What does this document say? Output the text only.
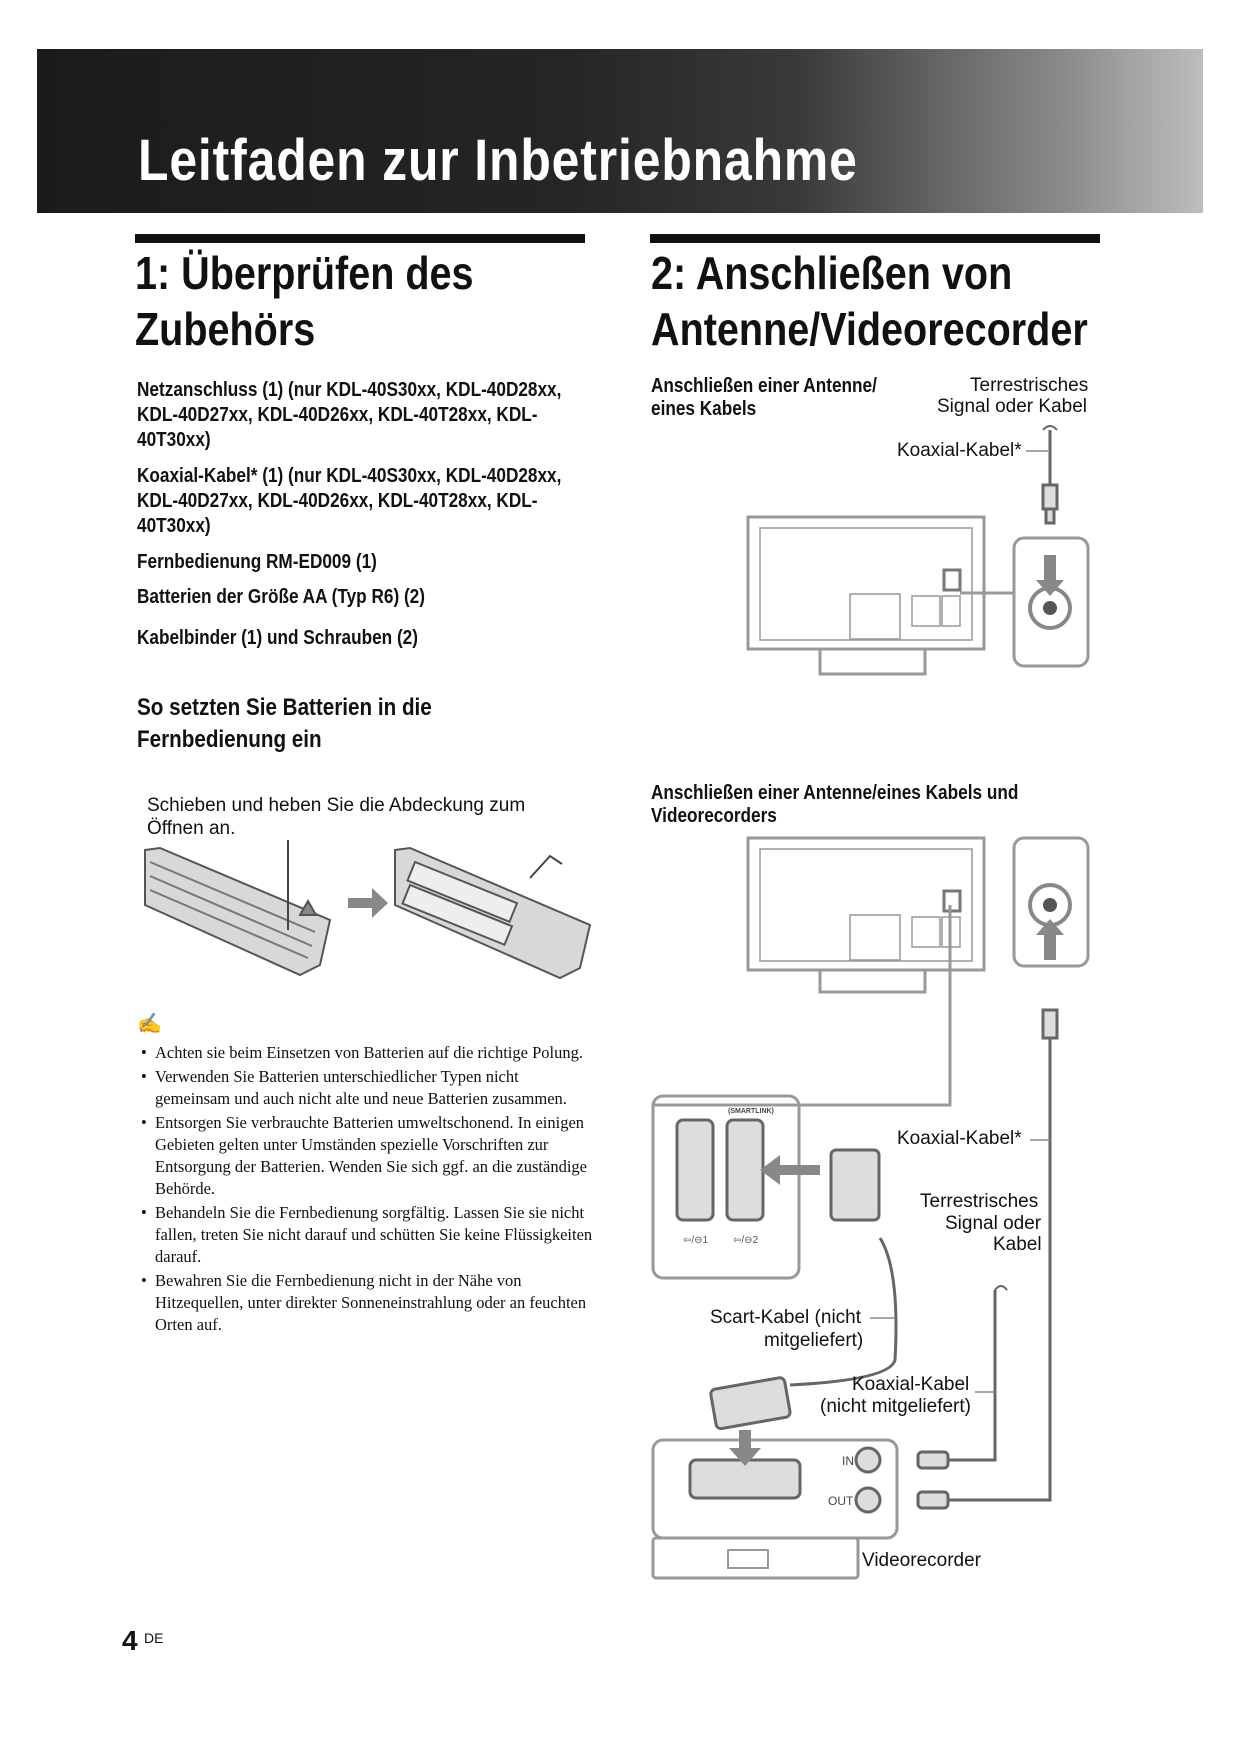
Leitfaden zur Inbetriebnahme
1: Überprüfen des
Zubehörs
Netzanschluss (1) (nur KDL-40S30xx, KDL-40D28xx,
KDL-40D27xx, KDL-40D26xx, KDL-40T28xx, KDL-
40T30xx)
Koaxial-Kabel* (1) (nur KDL-40S30xx, KDL-40D28xx,
KDL-40D27xx, KDL-40D26xx, KDL-40T28xx, KDL-
40T30xx)
Fernbedienung RM-ED009 (1)
Batterien der Größe AA (Typ R6) (2)
Kabelbinder (1) und Schrauben (2)
So setzten Sie Batterien in die
Fernbedienung ein
Schieben und heben Sie die Abdeckung zum
Öffnen an.
✍
• Achten sie beim Einsetzen von Batterien auf die richtige Polung.
• Verwenden Sie Batterien unterschiedlicher Typen nicht gemeinsam und auch nicht alte und neue Batterien zusammen.
• Entsorgen Sie verbrauchte Batterien umweltschonend. In einigen Gebieten gelten unter Umständen spezielle Vorschriften zur Entsorgung der Batterien. Wenden Sie sich ggf. an die zuständige Behörde.
• Behandeln Sie die Fernbedienung sorgfältig. Lassen Sie sie nicht fallen, treten Sie nicht darauf und schütten Sie keine Flüssigkeiten darauf.
• Bewahren Sie die Fernbedienung nicht in der Nähe von Hitzequellen, unter direkter Sonneneinstrahlung oder an feuchten Orten auf.
2: Anschließen von
Antenne/Videorecorder
Anschließen einer Antenne/
eines Kabels
Terrestrisches
Signal oder Kabel
Koaxial-Kabel*
Anschließen einer Antenne/eines Kabels und
Videorecorders
(SMARTLINK)
⇦/⊖1 ⇦/⊖2
IN
OUT
Koaxial-Kabel*
Terrestrisches
Signal oder
Kabel
Scart-Kabel (nicht
mitgeliefert)
Koaxial-Kabel
(nicht mitgeliefert)
Videorecorder
4 DE
